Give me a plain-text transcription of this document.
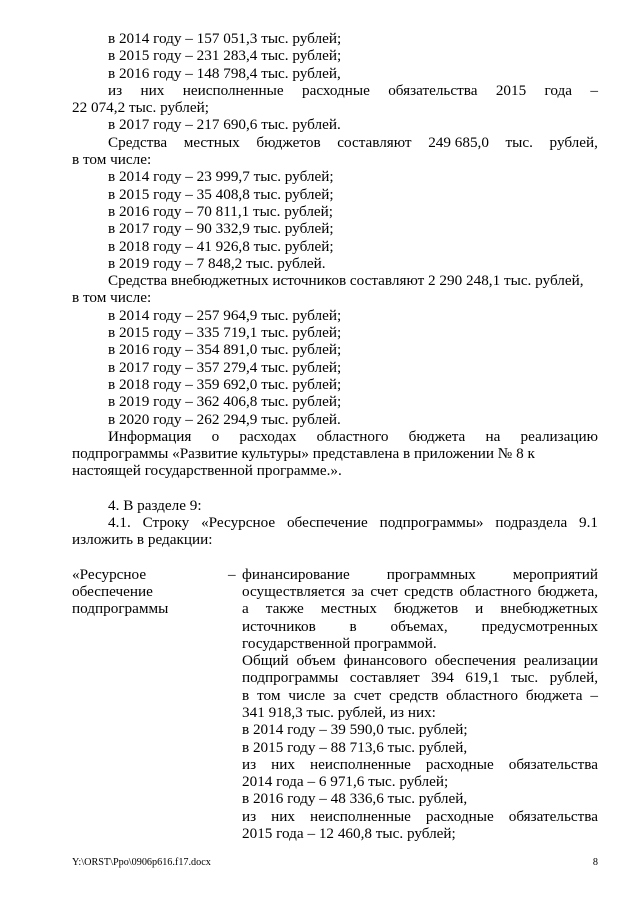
в 2014 году – 157 051,3 тыс. рублей;
в 2015 году – 231 283,4 тыс. рублей;
в 2016 году – 148 798,4 тыс. рублей,
из них неисполненные расходные обязательства 2015 года –
22 074,2 тыс. рублей;
в 2017 году – 217 690,6 тыс. рублей.
Средства местных бюджетов составляют 249 685,0 тыс. рублей,
в том числе:
в 2014 году – 23 999,7 тыс. рублей;
в 2015 году – 35 408,8 тыс. рублей;
в 2016 году – 70 811,1 тыс. рублей;
в 2017 году – 90 332,9 тыс. рублей;
в 2018 году – 41 926,8 тыс. рублей;
в 2019 году – 7 848,2 тыс. рублей.
Средства внебюджетных источников составляют 2 290 248,1 тыс. рублей,
в том числе:
в 2014 году – 257 964,9 тыс. рублей;
в 2015 году – 335 719,1 тыс. рублей;
в 2016 году – 354 891,0 тыс. рублей;
в 2017 году – 357 279,4 тыс. рублей;
в 2018 году – 359 692,0 тыс. рублей;
в 2019 году – 362 406,8 тыс. рублей;
в 2020 году – 262 294,9 тыс. рублей.
Информация о расходах областного бюджета на реализацию
подпрограммы «Развитие культуры» представлена в приложении № 8 к
настоящей государственной программе.».
4. В разделе 9:
4.1. Строку «Ресурсное обеспечение подпрограммы» подраздела 9.1
изложить в редакции:
«Ресурсное
обеспечение
подпрограммы
– финансирование программных мероприятий
осуществляется за счет средств областного бюджета,
а также местных бюджетов и внебюджетных
источников в объемах, предусмотренных
государственной программой.
Общий объем финансового обеспечения реализации
подпрограммы составляет 394 619,1 тыс. рублей,
в том числе за счет средств областного бюджета –
341 918,3 тыс. рублей, из них:
в 2014 году – 39 590,0 тыс. рублей;
в 2015 году – 88 713,6 тыс. рублей,
из них неисполненные расходные обязательства
2014 года – 6 971,6 тыс. рублей;
в 2016 году – 48 336,6 тыс. рублей,
из них неисполненные расходные обязательства
2015 года – 12 460,8 тыс. рублей;
Y:\ORST\Ppo\0906p616.f17.docx	8
